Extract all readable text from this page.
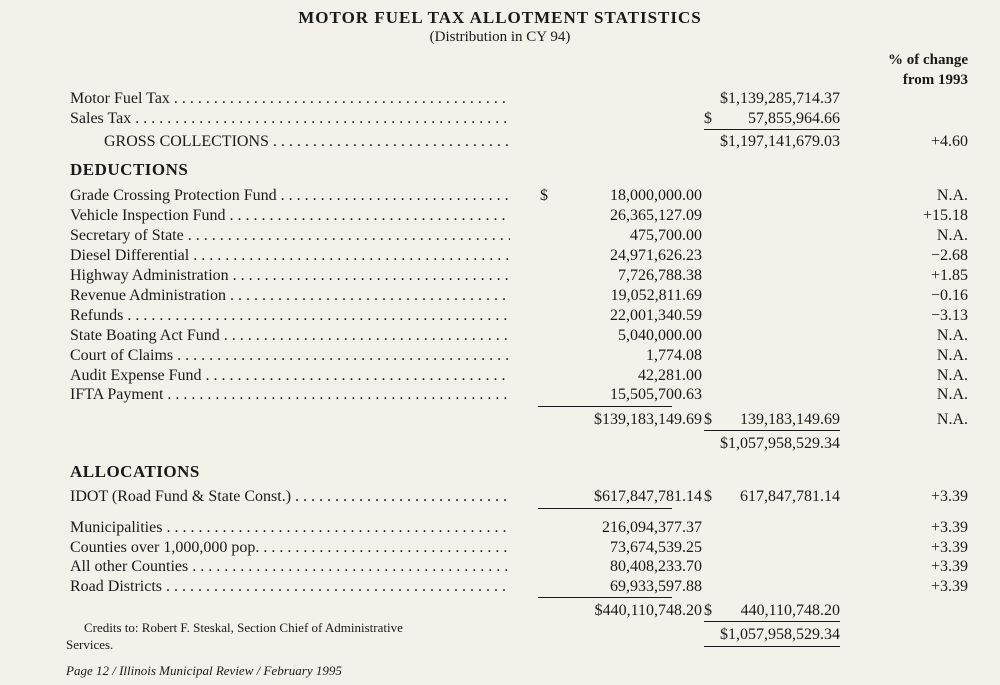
MOTOR FUEL TAX ALLOTMENT STATISTICS
(Distribution in CY 94)
% of change
from 1993
Motor Fuel Tax . . .	$1,139,285,714.37
Sales Tax . . .	$	57,855,964.66
GROSS COLLECTIONS . . .	$1,197,141,679.03	+4.60
DEDUCTIONS
Grade Crossing Protection Fund . . .	$	18,000,000.00	N.A.
Vehicle Inspection Fund . . .	26,365,127.09	+15.18
Secretary of State . . .	475,700.00	N.A.
Diesel Differential . . .	24,971,626.23	−2.68
Highway Administration . . .	7,726,788.38	+1.85
Revenue Administration . . .	19,052,811.69	−0.16
Refunds . . .	22,001,340.59	−3.13
State Boating Act Fund . . .	5,040,000.00	N.A.
Court of Claims . . .	1,774.08	N.A.
Audit Expense Fund . . .	42,281.00	N.A.
IFTA Payment . . .	15,505,700.63	N.A.
$139,183,149.69 $	139,183,149.69	N.A.
$1,057,958,529.34
ALLOCATIONS
IDOT (Road Fund & State Const.) . . .	$617,847,781.14 $	617,847,781.14	+3.39
Municipalities . . .	216,094,377.37	+3.39
Counties over 1,000,000 pop. . . .	73,674,539.25	+3.39
All other Counties . . .	80,408,233.70	+3.39
Road Districts . . .	69,933,597.88	+3.39
$440,110,748.20 $	440,110,748.20
$1,057,958,529.34
Credits to: Robert F. Steskal, Section Chief of Administrative
Services.
Page 12 / Illinois Municipal Review / February 1995
